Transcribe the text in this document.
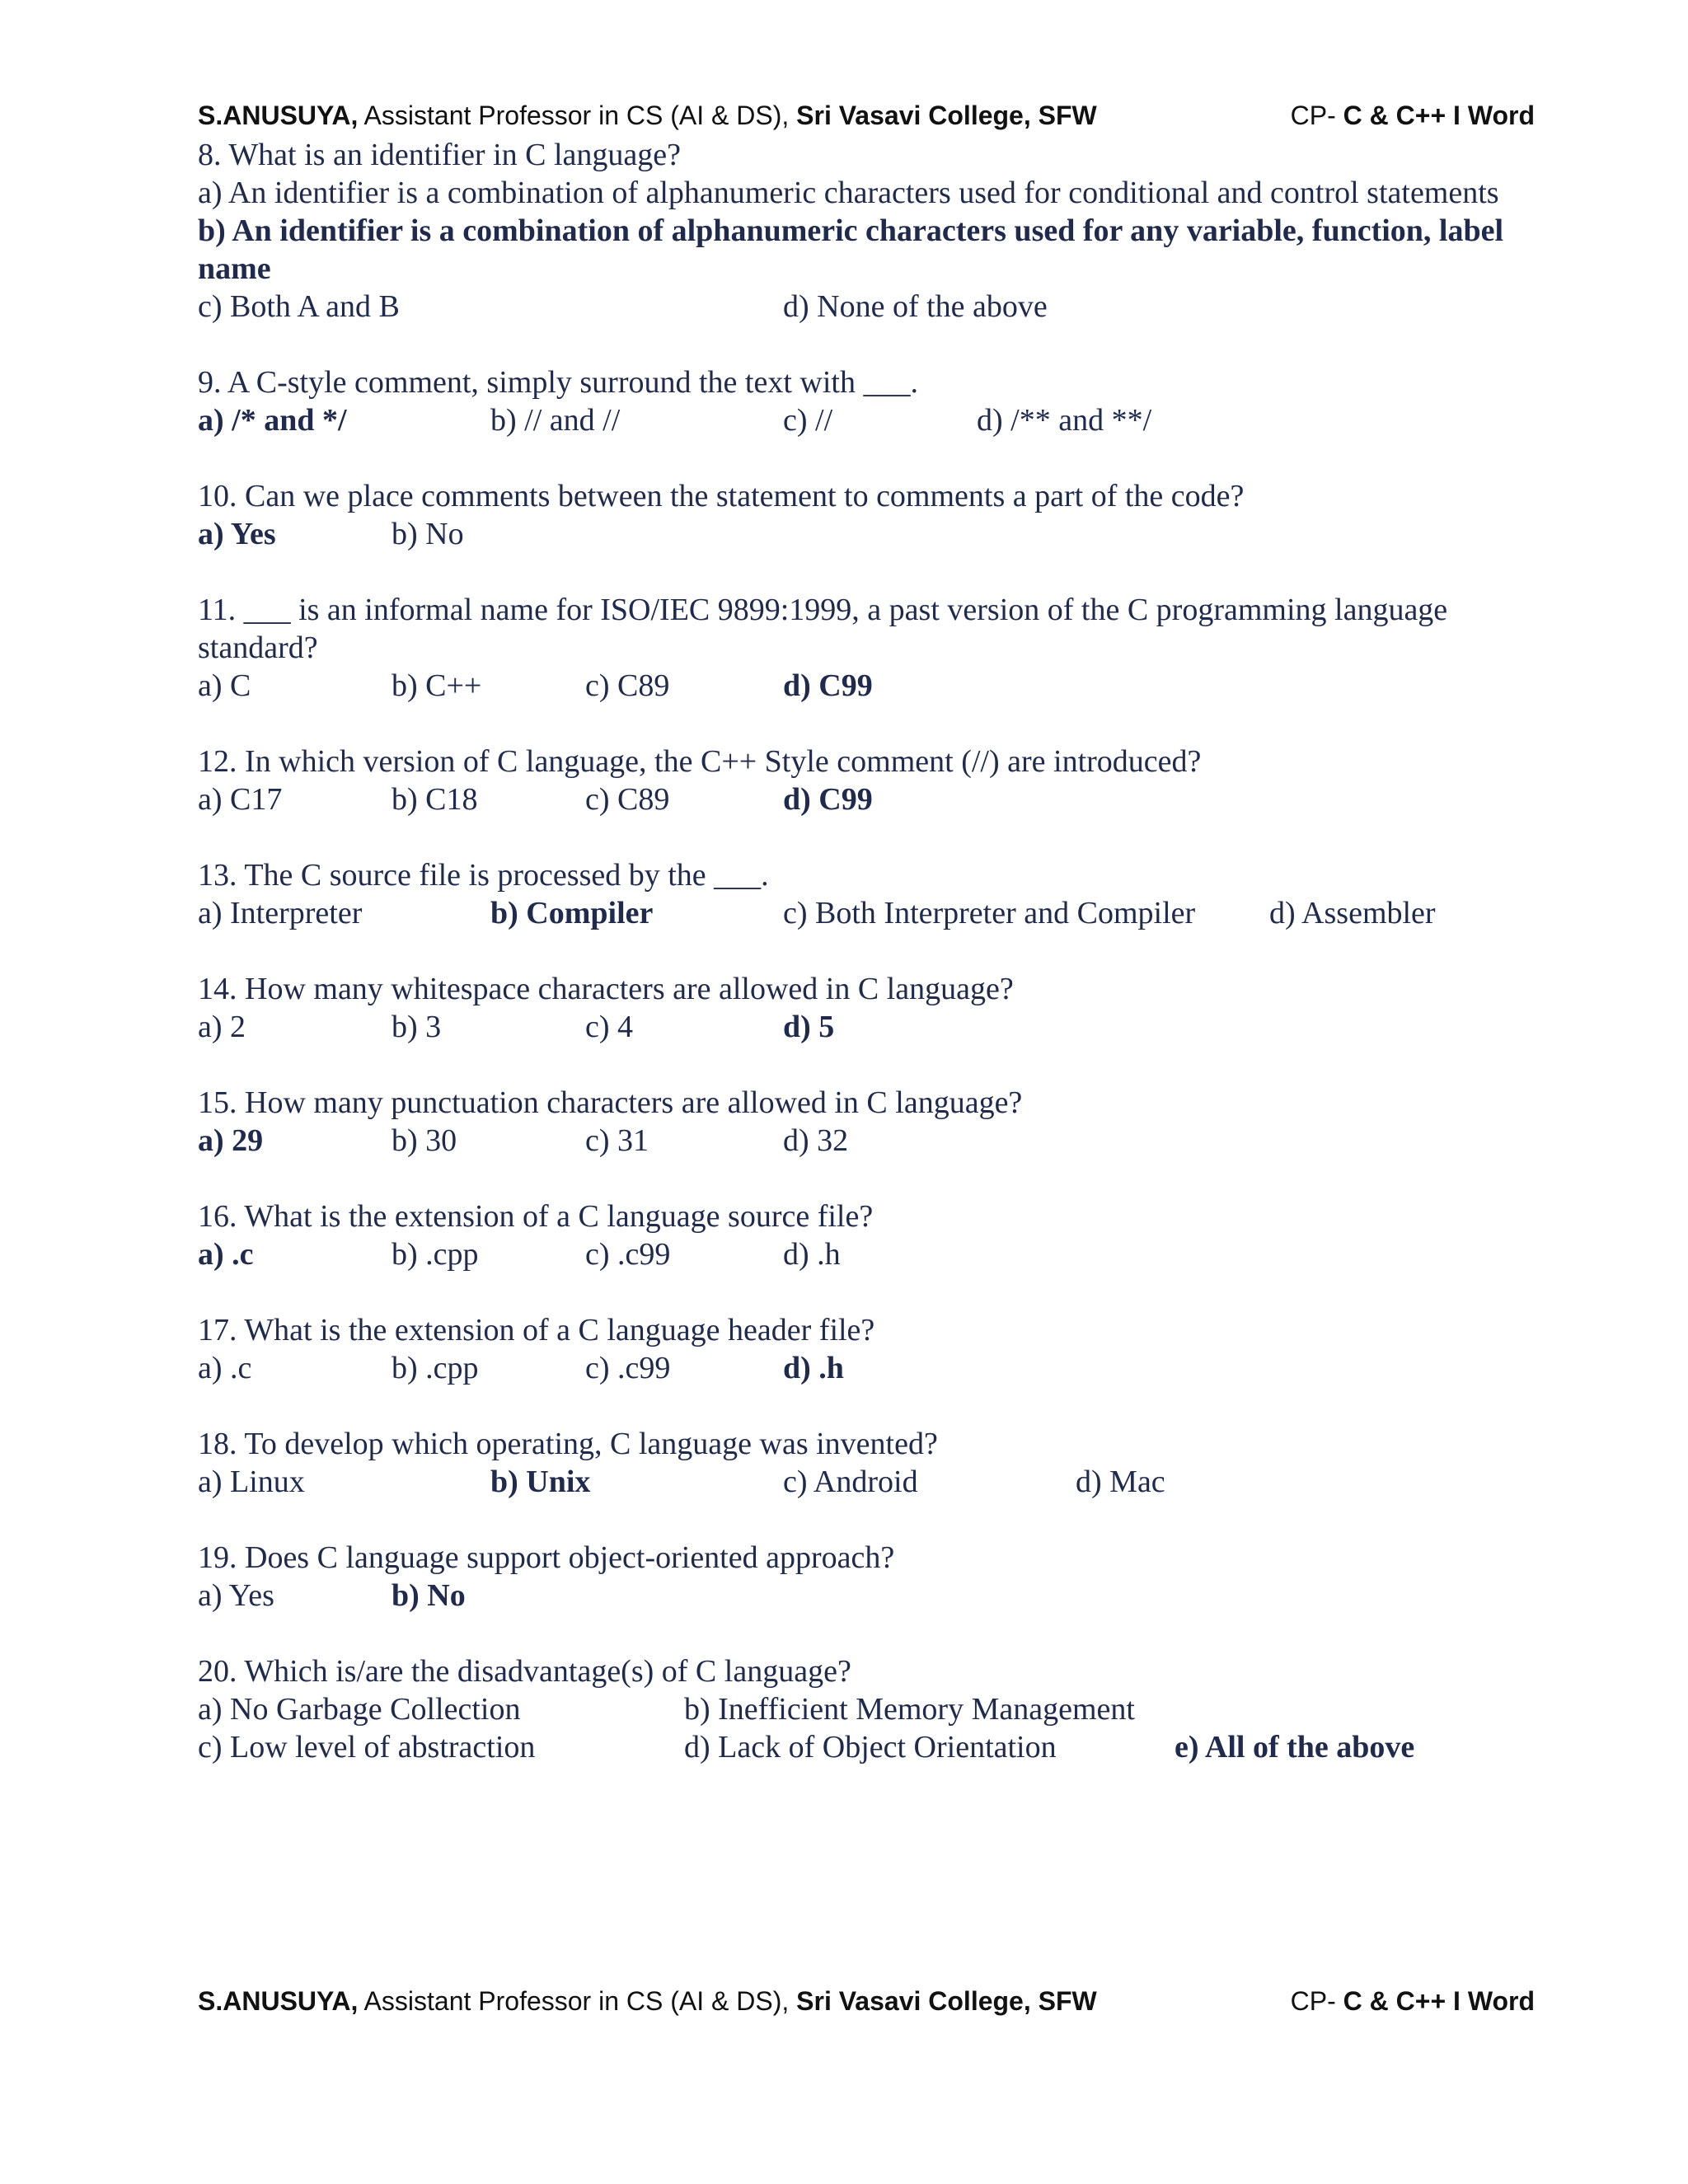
S.ANUSUYA, Assistant Professor in CS (AI & DS), Sri Vasavi College, SFW	CP- C & C++ I Word
8. What is an identifier in C language?
a) An identifier is a combination of alphanumeric characters used for conditional and control statements
b) An identifier is a combination of alphanumeric characters used for any variable, function, label name
c) Both A and B	d) None of the above
9. A C-style comment, simply surround the text with ___.
a) /* and */	b) // and //	c) //	d) /** and **/
10. Can we place comments between the statement to comments a part of the code?
a) Yes	b) No
11. ___ is an informal name for ISO/IEC 9899:1999, a past version of the C programming language standard?
a) C	b) C++	c) C89	d) C99
12. In which version of C language, the C++ Style comment (//) are introduced?
a) C17	b) C18	c) C89	d) C99
13. The C source file is processed by the ___.
a) Interpreter	b) Compiler	c) Both Interpreter and Compiler d) Assembler
14. How many whitespace characters are allowed in C language?
a) 2	b) 3	c) 4	d) 5
15. How many punctuation characters are allowed in C language?
a) 29	b) 30	c) 31	d) 32
16. What is the extension of a C language source file?
a) .c	b) .cpp	c) .c99	d) .h
17. What is the extension of a C language header file?
a) .c	b) .cpp	c) .c99	d) .h
18. To develop which operating, C language was invented?
a) Linux	b) Unix	c) Android	d) Mac
19. Does C language support object-oriented approach?
a) Yes	b) No
20. Which is/are the disadvantage(s) of C language?
a) No Garbage Collection	b) Inefficient Memory Management
c) Low level of abstraction	d) Lack of Object Orientation	e) All of the above
S.ANUSUYA, Assistant Professor in CS (AI & DS), Sri Vasavi College, SFW	CP- C & C++ I Word
